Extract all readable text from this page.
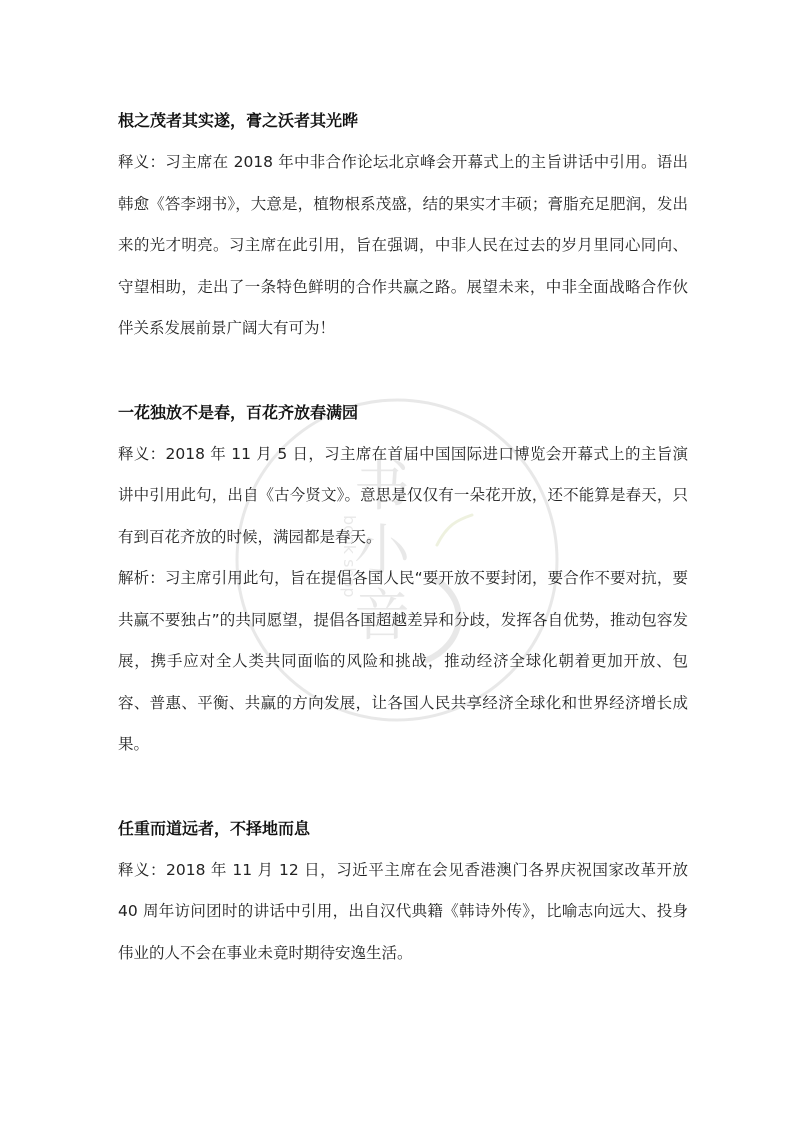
书
小
音
book shop

根之茂者其实遂，膏之沃者其光晔

释义：习主席在 2018 年中非合作论坛北京峰会开幕式上的主旨讲话中引用。语出韩愈《答李翊书》，大意是，植物根系茂盛，结的果实才丰硕；膏脂充足肥润，发出来的光才明亮。习主席在此引用，旨在强调，中非人民在过去的岁月里同心同向、守望相助，走出了一条特色鲜明的合作共赢之路。展望未来，中非全面战略合作伙伴关系发展前景广阔大有可为！

一花独放不是春，百花齐放春满园

释义：2018 年 11 月 5 日，习主席在首届中国国际进口博览会开幕式上的主旨演讲中引用此句，出自《古今贤文》。意思是仅仅有一朵花开放，还不能算是春天，只有到百花齐放的时候，满园都是春天。

解析：习主席引用此句，旨在提倡各国人民“要开放不要封闭，要合作不要对抗，要共赢不要独占”的共同愿望，提倡各国超越差异和分歧，发挥各自优势，推动包容发展，携手应对全人类共同面临的风险和挑战，推动经济全球化朝着更加开放、包容、普惠、平衡、共赢的方向发展，让各国人民共享经济全球化和世界经济增长成果。

任重而道远者，不择地而息

释义：2018 年 11 月 12 日，习近平主席在会见香港澳门各界庆祝国家改革开放 40 周年访问团时的讲话中引用，出自汉代典籍《韩诗外传》，比喻志向远大、投身伟业的人不会在事业未竟时期待安逸生活。
